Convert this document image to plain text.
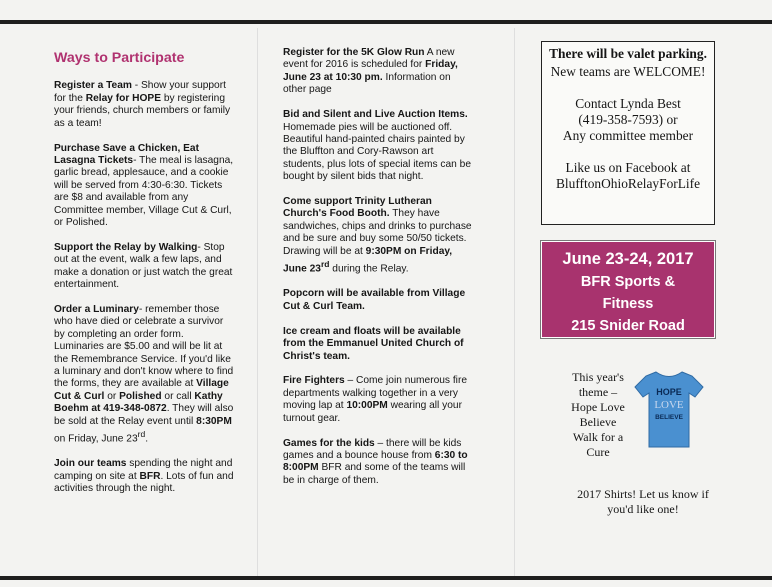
Ways to Participate

Register a Team - Show your support for the Relay for HOPE by registering your friends, church members or family as a team!

Purchase Save a Chicken, Eat Lasagna Tickets- The meal is lasagna, garlic bread, applesauce, and a cookie will be served from 4:30-6:30. Tickets are $8 and available from any Committee member, Village Cut & Curl, or Polished.

Support the Relay by Walking- Stop out at the event, walk a few laps, and make a donation or just watch the great entertainment.

Order a Luminary- remember those who have died or celebrate a survivor by completing an order form. Luminaries are $5.00 and will be lit at the Remembrance Service. If you'd like a luminary and don't know where to find the forms, they are available at Village Cut & Curl or Polished or call Kathy Boehm at 419-348-0872. They will also be sold at the Relay event until 8:30PM on Friday, June 23rd.

Join our teams spending the night and camping on site at BFR. Lots of fun and activities through the night.

Register for the 5K Glow Run A new event for 2016 is scheduled for Friday, June 23 at 10:30 pm. Information on other page

Bid and Silent and Live Auction Items. Homemade pies will be auctioned off. Beautiful hand-painted chairs painted by the Bluffton and Cory-Rawson art students, plus lots of special items can be bought by silent bids that night.

Come support Trinity Lutheran Church's Food Booth. They have sandwiches, chips and drinks to purchase and be sure and buy some 50/50 tickets. Drawing will be at 9:30PM on Friday, June 23rd during the Relay.

Popcorn will be available from Village Cut & Curl Team.

Ice cream and floats will be available from the Emmanuel United Church of Christ's team.

Fire Fighters – Come join numerous fire departments walking together in a very moving lap at 10:00PM wearing all your turnout gear.

Games for the kids – there will be kids games and a bounce house from 6:30 to 8:00PM BFR and some of the teams will be in charge of them.

There will be valet parking.

New teams are WELCOME!

Contact Lynda Best

(419-358-7593) or

Any committee member

Like us on Facebook at

BlufftonOhioRelayForLife

June 23-24, 2017
BFR Sports &
Fitness
215 Snider Road
This year's theme – Hope Love Believe Walk for a Cure
HOPE
LOVE
BELIEVE
2017 Shirts! Let us know if you'd like one!
